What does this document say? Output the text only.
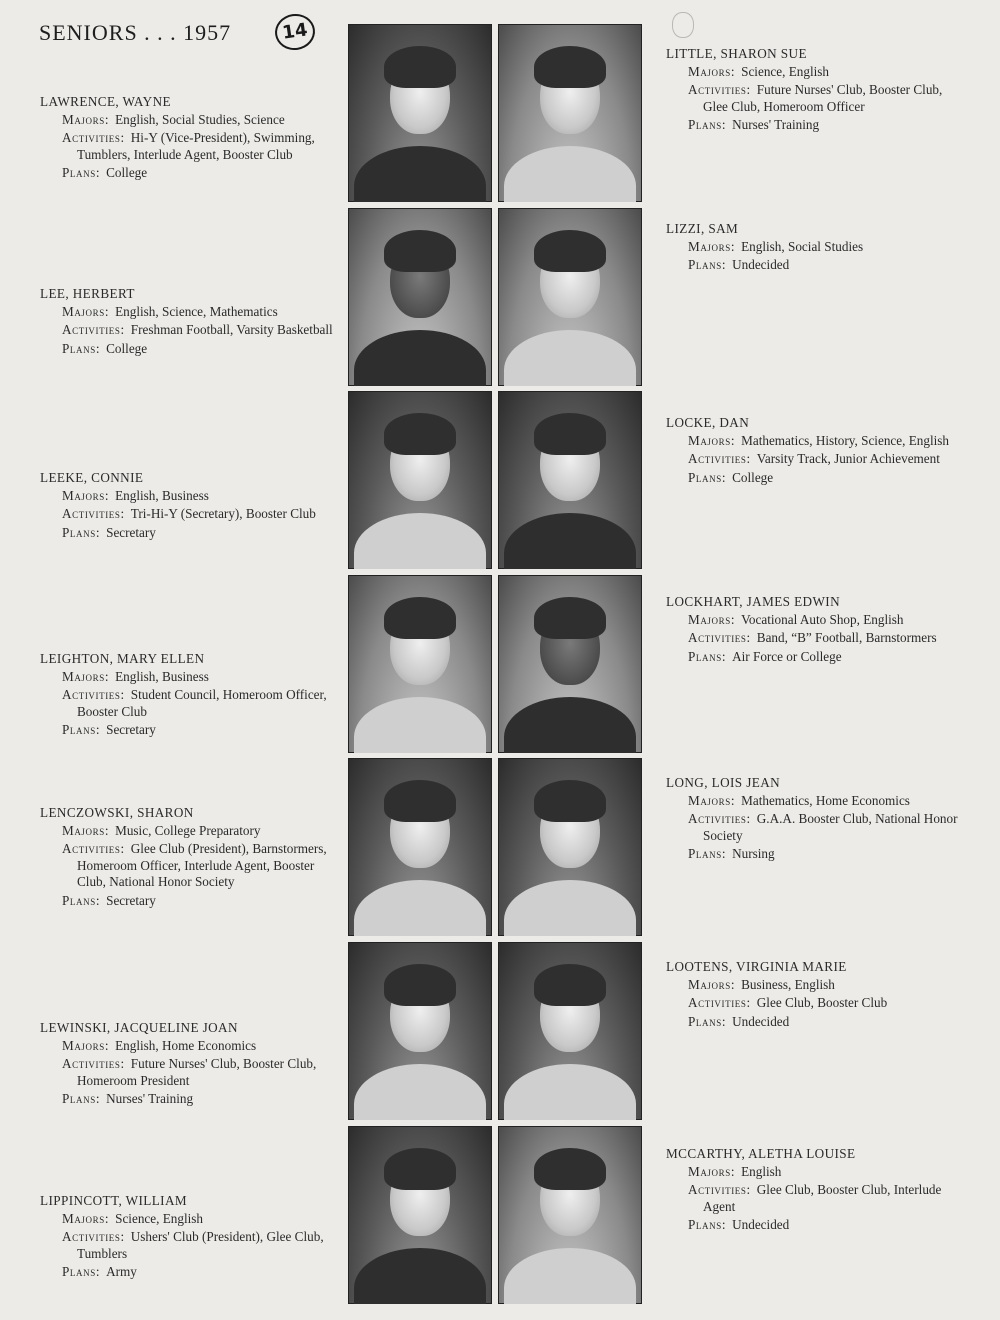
SENIORS . . . 1957	14
LAWRENCE, WAYNE
Majors: English, Social Studies, Science
Activities: Hi-Y (Vice-President), Swimming, Tumblers, Interlude Agent, Booster Club
Plans: College
LEE, HERBERT
Majors: English, Science, Mathematics
Activities: Freshman Football, Varsity Basketball
Plans: College
LEEKE, CONNIE
Majors: English, Business
Activities: Tri-Hi-Y (Secretary), Booster Club
Plans: Secretary
LEIGHTON, MARY ELLEN
Majors: English, Business
Activities: Student Council, Homeroom Officer, Booster Club
Plans: Secretary
LENCZOWSKI, SHARON
Majors: Music, College Preparatory
Activities: Glee Club (President), Barnstormers, Homeroom Officer, Interlude Agent, Booster Club, National Honor Society
Plans: Secretary
LEWINSKI, JACQUELINE JOAN
Majors: English, Home Economics
Activities: Future Nurses' Club, Booster Club, Homeroom President
Plans: Nurses' Training
LIPPINCOTT, WILLIAM
Majors: Science, English
Activities: Ushers' Club (President), Glee Club, Tumblers
Plans: Army
LITTLE, SHARON SUE
Majors: Science, English
Activities: Future Nurses' Club, Booster Club, Glee Club, Homeroom Officer
Plans: Nurses' Training
LIZZI, SAM
Majors: English, Social Studies
Plans: Undecided
LOCKE, DAN
Majors: Mathematics, History, Science, English
Activities: Varsity Track, Junior Achievement
Plans: College
LOCKHART, JAMES EDWIN
Majors: Vocational Auto Shop, English
Activities: Band, “B” Football, Barnstormers
Plans: Air Force or College
LONG, LOIS JEAN
Majors: Mathematics, Home Economics
Activities: G.A.A. Booster Club, National Honor Society
Plans: Nursing
LOOTENS, VIRGINIA MARIE
Majors: Business, English
Activities: Glee Club, Booster Club
Plans: Undecided
MCCARTHY, ALETHA LOUISE
Majors: English
Activities: Glee Club, Booster Club, Interlude Agent
Plans: Undecided
